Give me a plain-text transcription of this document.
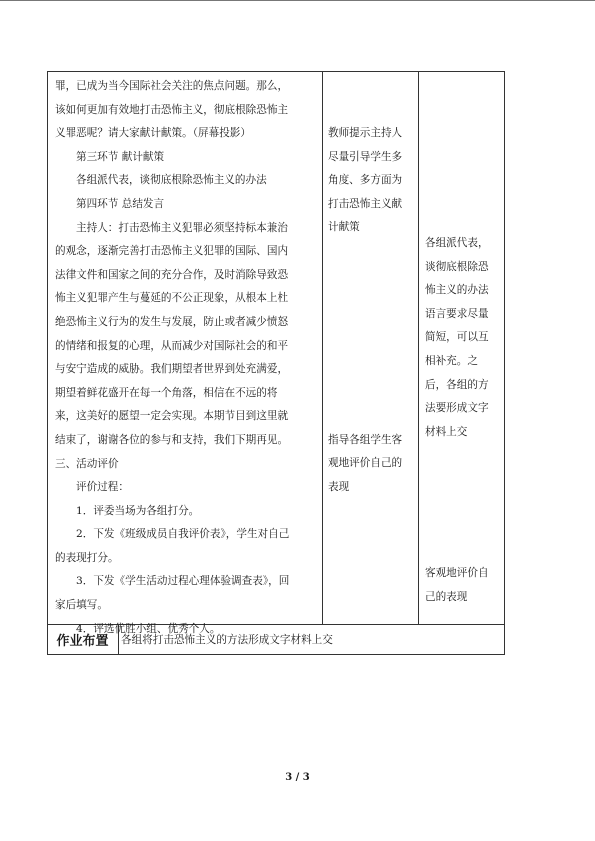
罪，已成为当今国际社会关注的焦点问题。那么，
该如何更加有效地打击恐怖主义，彻底根除恐怖主
义罪恶呢？请大家献计献策。（屏幕投影）
第三环节 献计献策
各组派代表，谈彻底根除恐怖主义的办法
第四环节 总结发言
主持人：打击恐怖主义犯罪必须坚持标本兼治
的观念，逐渐完善打击恐怖主义犯罪的国际、国内
法律文件和国家之间的充分合作，及时消除导致恐
怖主义犯罪产生与蔓延的不公正现象，从根本上杜
绝恐怖主义行为的发生与发展，防止或者减少愤怒
的情绪和报复的心理，从而减少对国际社会的和平
与安宁造成的威胁。我们期望者世界到处充满爱，
期望着鲜花盛开在每一个角落，相信在不远的将
来，这美好的愿望一定会实现。本期节目到这里就
结束了，谢谢各位的参与和支持，我们下期再见。
三、活动评价
评价过程：
1．评委当场为各组打分。
2．下发《班级成员自我评价表》，学生对自己
的表现打分。
3．下发《学生活动过程心理体验调查表》，回
家后填写。
4．评选优胜小组、优秀个人。
教师提示主持人
尽量引导学生多
角度、多方面为
打击恐怖主义献
计献策

指导各组学生客
观地评价自己的
表现
各组派代表，
谈彻底根除恐
怖主义的办法
语言要求尽量
简短，可以互
相补充。之
后，各组的方
法要形成文字
材料上交

客观地评价自
己的表现
作业布置	各组将打击恐怖主义的方法形成文字材料上交
3 / 3
